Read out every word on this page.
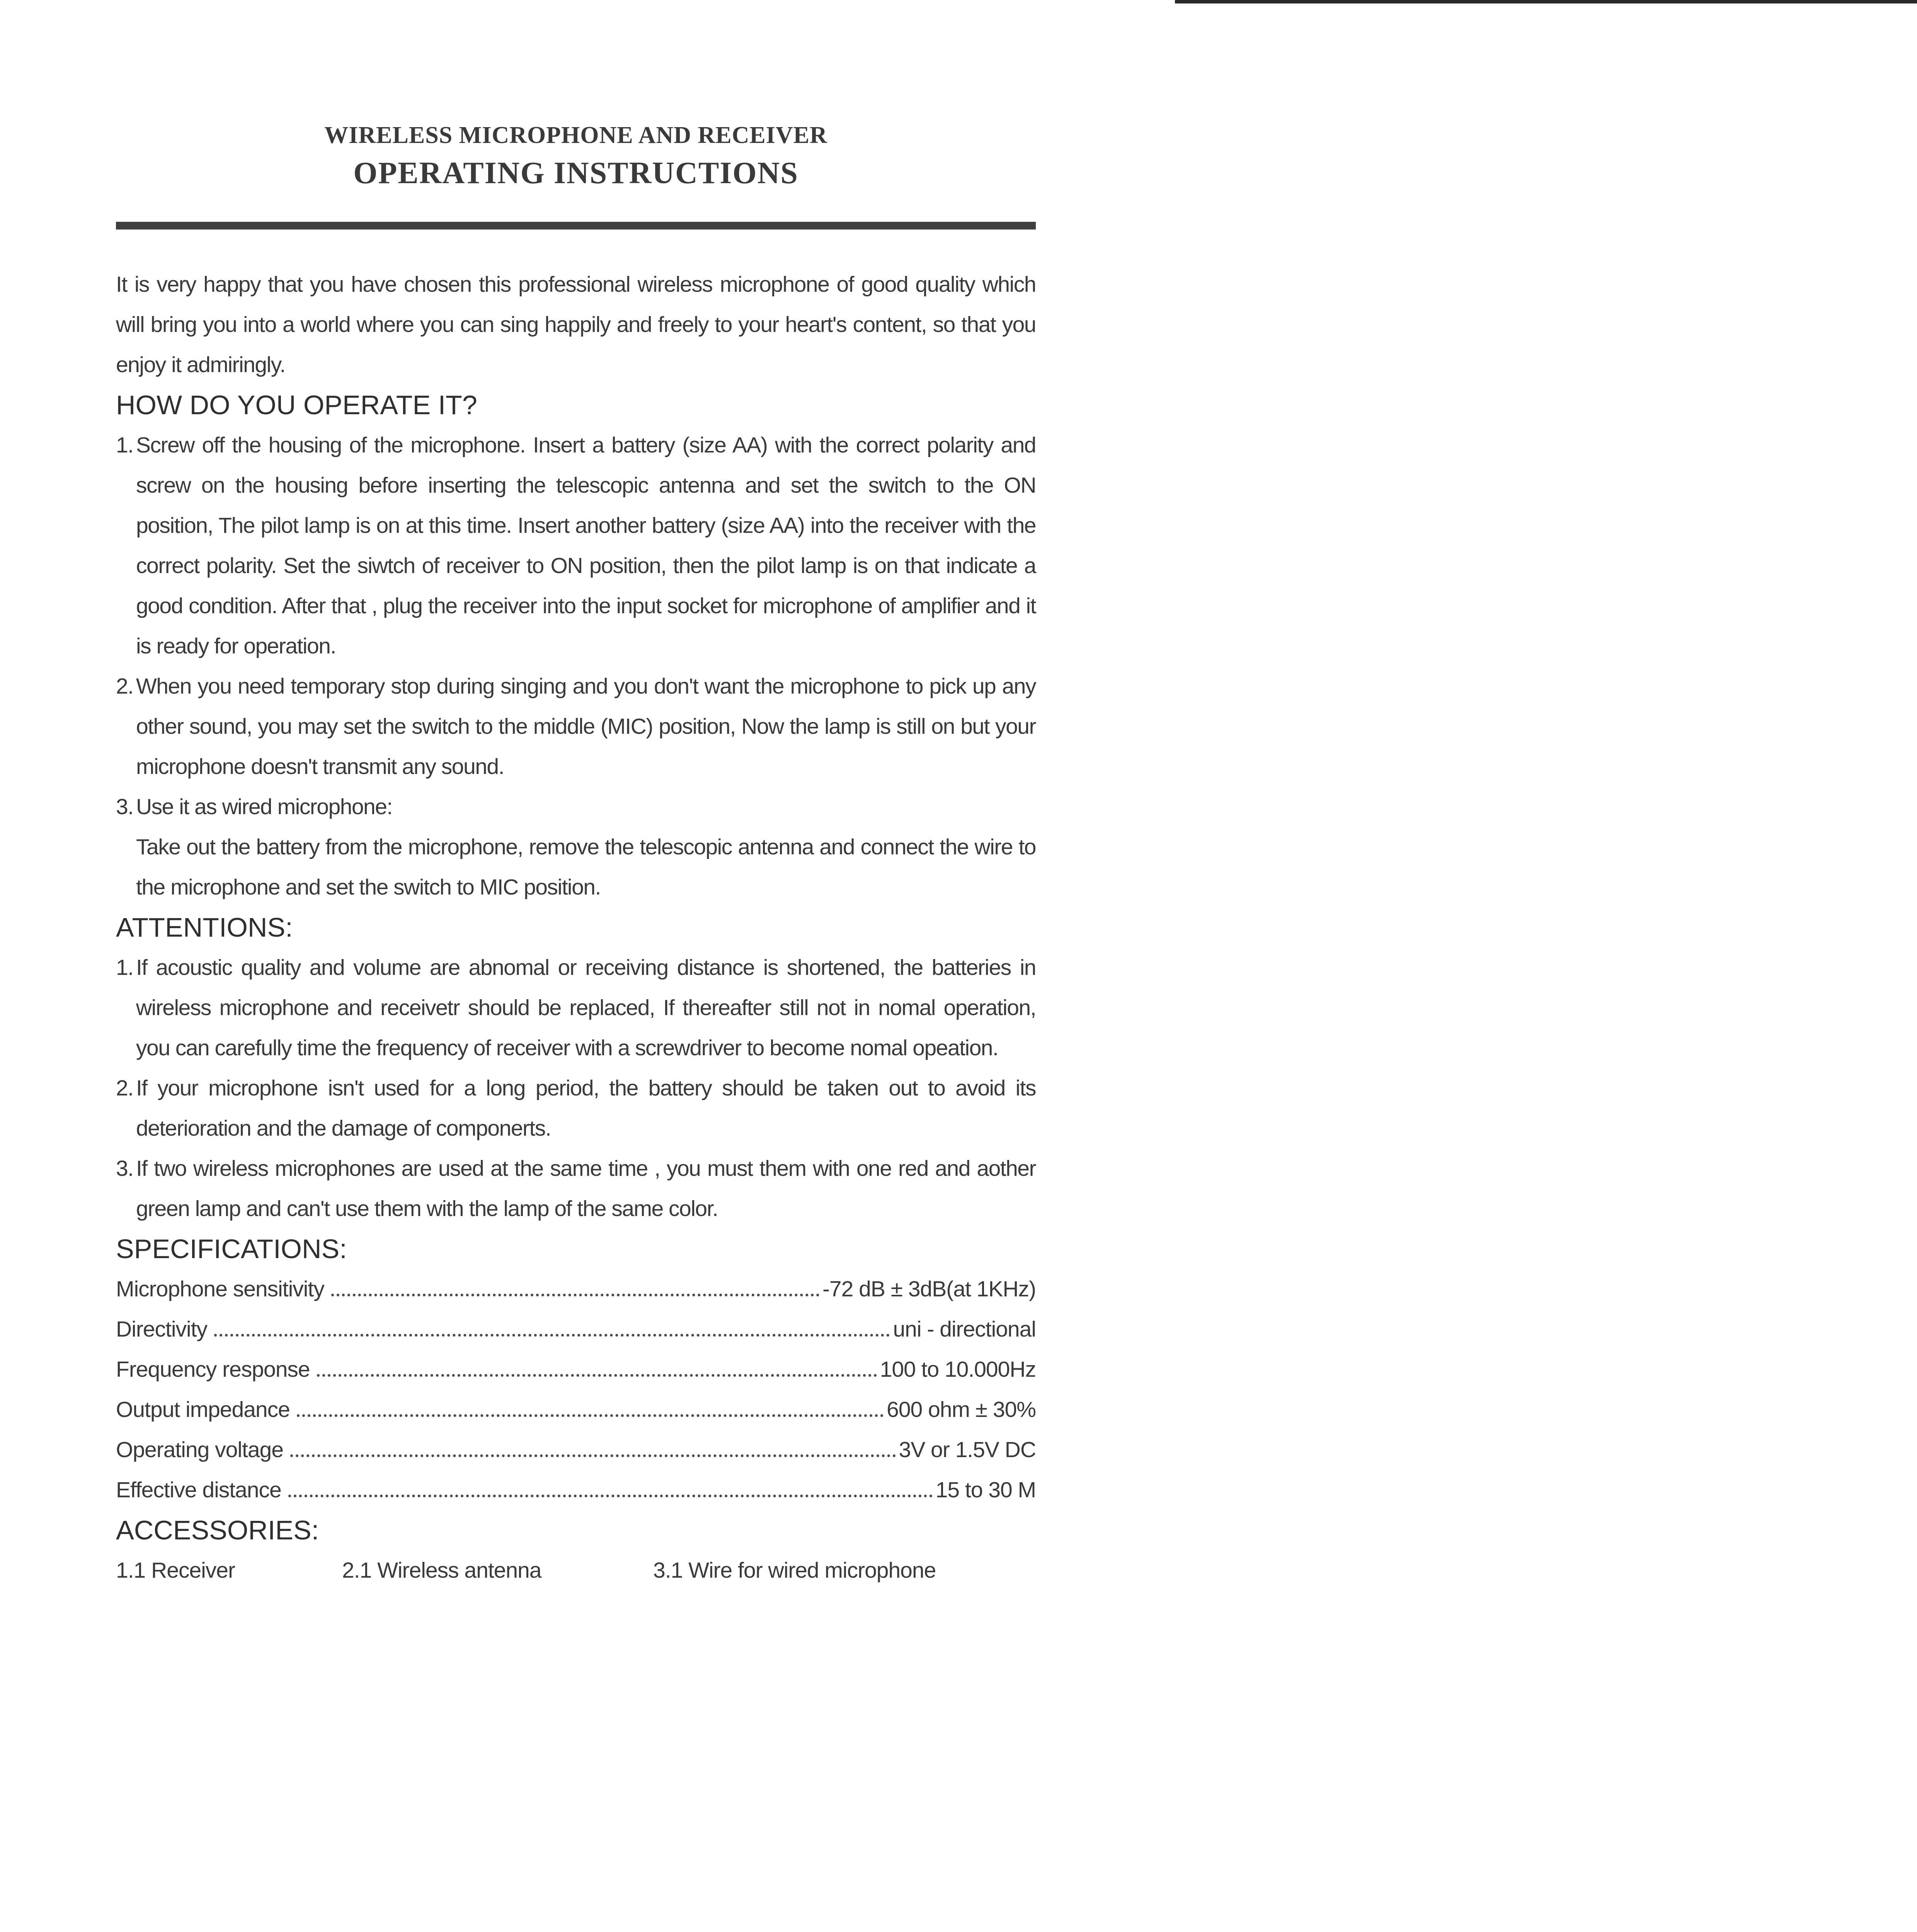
WIRELESS MICROPHONE AND RECEIVER
OPERATING INSTRUCTIONS

It is very happy that you have chosen this professional wireless microphone of good quality which will bring you into a world where you can sing happily and freely to your heart's content, so that you enjoy it admiringly.

HOW DO YOU OPERATE IT?
1. Screw off the housing of the microphone. Insert a battery (size AA) with the correct polarity and screw on the housing before inserting the telescopic antenna and set the switch to the ON position, The pilot lamp is on at this time. Insert another battery (size AA) into the receiver with the correct polarity. Set the siwtch of receiver to ON position, then the pilot lamp is on that indicate a good condition. After that , plug the receiver into the input socket for microphone of amplifier and it is ready for operation.
2. When you need temporary stop during singing and you don't want the microphone to pick up any other sound, you may set the switch to the middle (MIC) position, Now the lamp is still on but your microphone doesn't transmit any sound.
3. Use it as wired microphone:
Take out the battery from the microphone, remove the telescopic antenna and connect the wire to the microphone and set the switch to MIC position.
ATTENTIONS:
1. If acoustic quality and volume are abnomal or receiving distance is shortened, the batteries in wireless microphone and receivetr should be replaced, If thereafter still not in nomal operation, you can carefully time the frequency of receiver with a screwdriver to become nomal opeation.
2. If your microphone isn't used for a long period, the battery should be taken out to avoid its deterioration and the damage of componerts.
3. If two wireless microphones are used at the same time , you must them with one red and aother green lamp and can't use them with the lamp of the same color.
SPECIFICATIONS:
Microphone sensitivity	-72 dB ± 3dB(at 1KHz)
Directivity	uni - directional
Frequency response	100 to 10.000Hz
Output impedance	600 ohm ± 30%
Operating voltage	3V or 1.5V DC
Effective distance	15 to 30 M
ACCESSORIES:
1.1 Receiver	2.1 Wireless antenna	3.1 Wire for wired microphone
